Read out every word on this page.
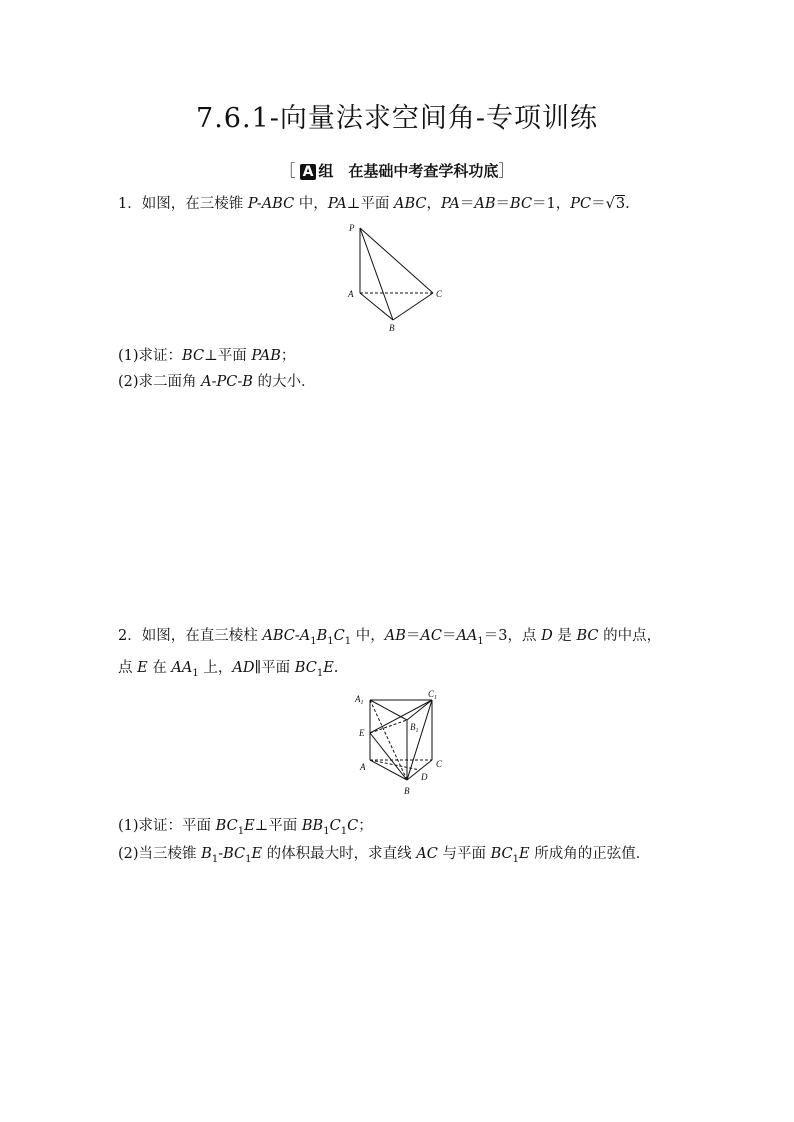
7.6.1-向量法求空间角-专项训练
［ A 组　在基础中考查学科功底］
1．如图，在三棱锥 P-ABC 中，PA⊥平面 ABC，PA＝AB＝BC＝1，PC＝√3.
P
A
B
C
(1)求证：BC⊥平面 PAB；
(2)求二面角 A-PC-B 的大小．
2．如图，在直三棱柱 ABC-$A_1B_1C_1$ 中，$AB=AC=AA_1=3$，点 D 是 BC 的中点，
点 E 在 $AA_1$ 上，AD∥平面 $BC_1E$.
$A_1$
$C_1$
$B_1$
E
A	C
D
B
(1)求证：平面 $BC_1E\perp$平面 $BB_1C_1C$；
(2)当三棱锥 $B_1-BC_1E$ 的体积最大时，求直线 AC 与平面 $BC_1E$ 所成角的正弦值．
